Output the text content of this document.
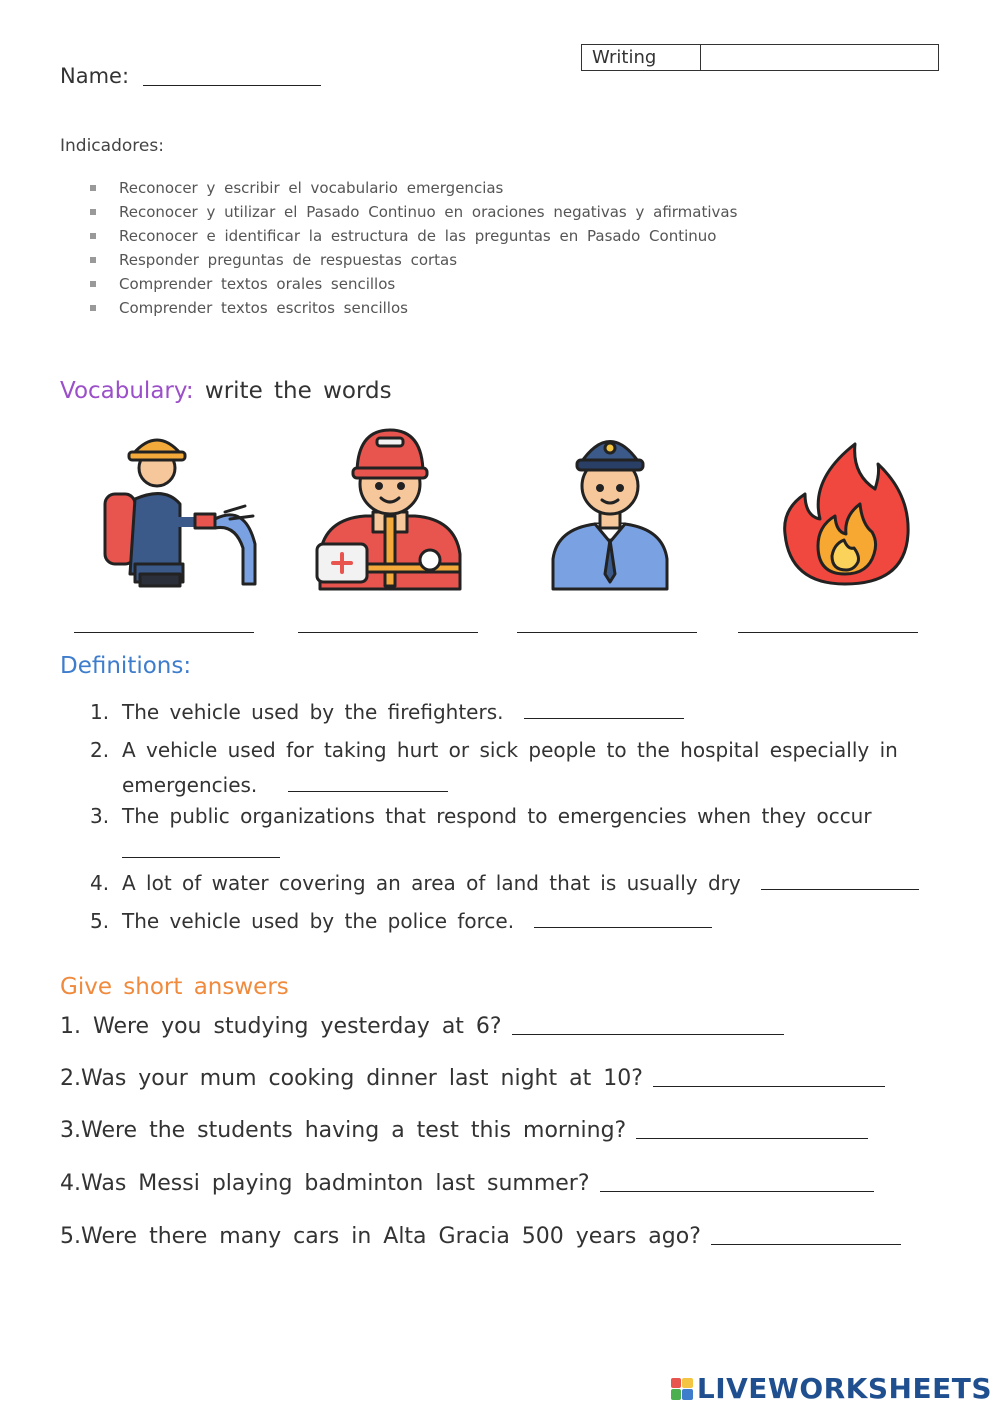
Writing
Name:
Indicadores:
Reconocer y escribir el vocabulario emergencias
Reconocer y utilizar el Pasado Continuo en oraciones negativas y afirmativas
Reconocer e identificar la estructura de las preguntas en Pasado Continuo
Responder preguntas de respuestas cortas
Comprender textos orales sencillos
Comprender textos escritos sencillos
Vocabulary: write the words
Definitions:
1. The vehicle used by the firefighters.
2. A vehicle used for taking hurt or sick people to the hospital especially in emergencies.
3. The public organizations that respond to emergencies when they occur

4. A lot of water covering an area of land that is usually dry
5. The vehicle used by the police force.
Give short answers
1. Were you studying yesterday at 6?
2.Was your mum cooking dinner last night at 10?
3.Were the students having a test this morning?
4.Was Messi playing badminton last summer?
5.Were there many cars in Alta Gracia 500 years ago?
LIVEWORKSHEETS
